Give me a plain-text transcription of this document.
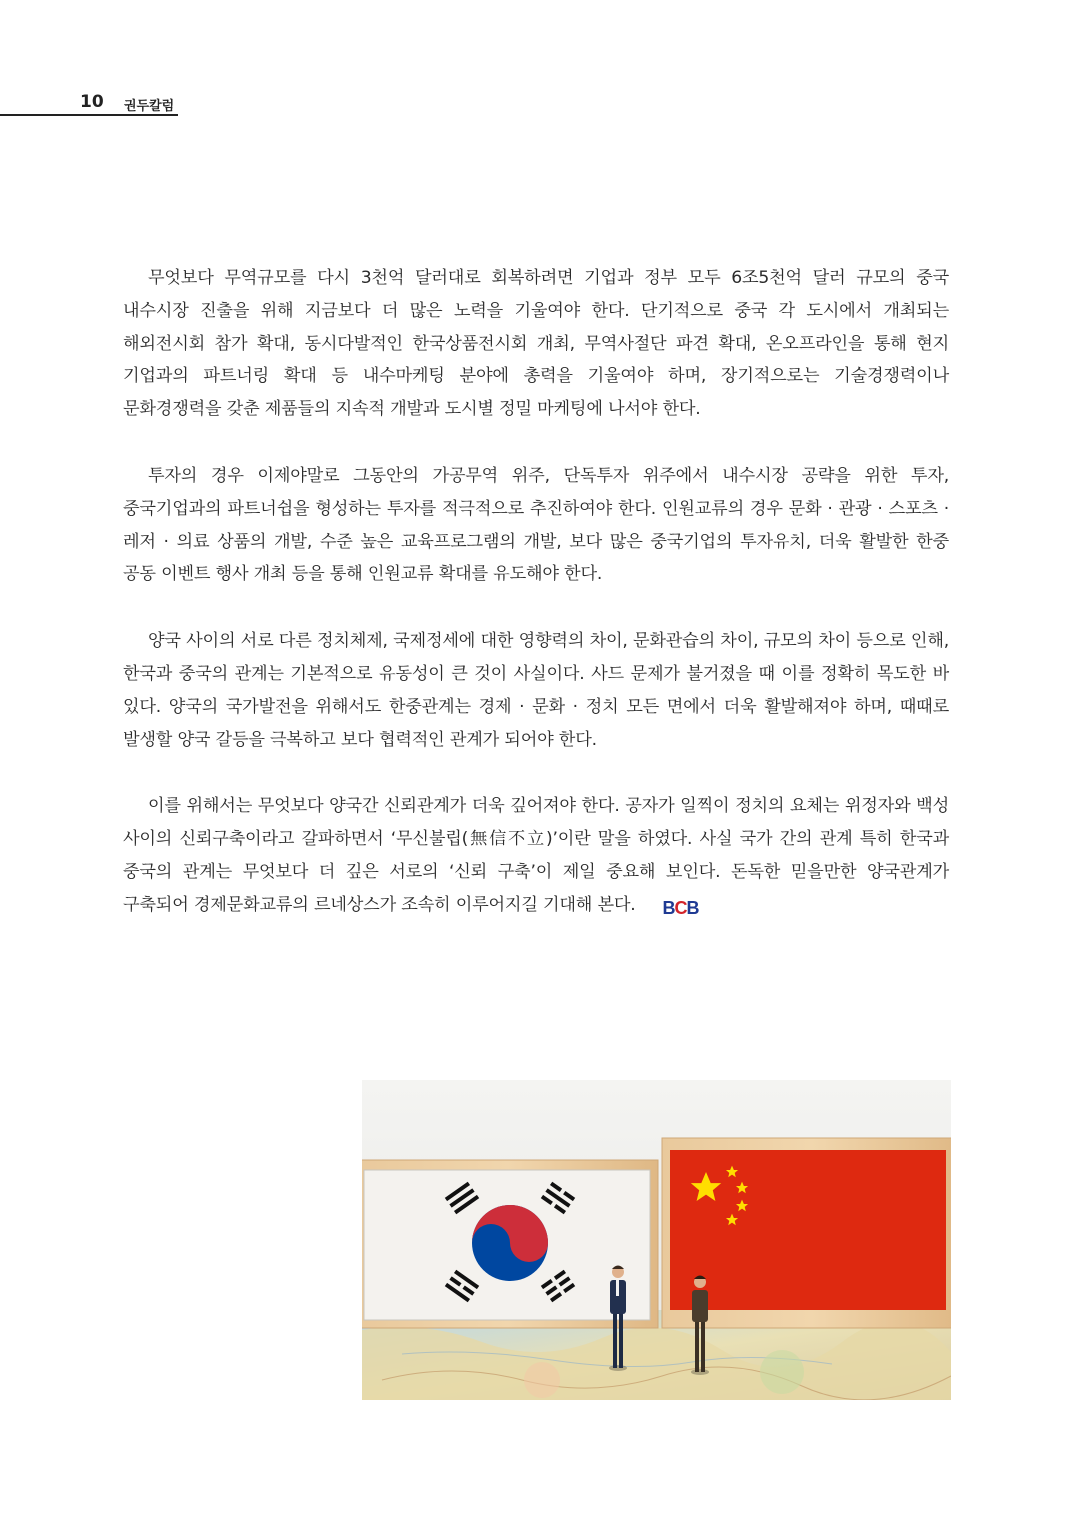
10 권두칼럼

무엇보다 무역규모를 다시 3천억 달러대로 회복하려면 기업과 정부 모두 6조5천억 달러 규모의 중국 내수시장 진출을 위해 지금보다 더 많은 노력을 기울여야 한다. 단기적으로 중국 각 도시에서 개최되는 해외전시회 참가 확대, 동시다발적인 한국상품전시회 개최, 무역사절단 파견 확대, 온오프라인을 통해 현지 기업과의 파트너링 확대 등 내수마케팅 분야에 총력을 기울여야 하며, 장기적으로는 기술경쟁력이나 문화경쟁력을 갖춘 제품들의 지속적 개발과 도시별 정밀 마케팅에 나서야 한다.

투자의 경우 이제야말로 그동안의 가공무역 위주, 단독투자 위주에서 내수시장 공략을 위한 투자, 중국기업과의 파트너쉽을 형성하는 투자를 적극적으로 추진하여야 한다. 인원교류의 경우 문화 · 관광 · 스포츠 · 레저 · 의료 상품의 개발, 수준 높은 교육프로그램의 개발, 보다 많은 중국기업의 투자유치, 더욱 활발한 한중 공동 이벤트 행사 개최 등을 통해 인원교류 확대를 유도해야 한다.

양국 사이의 서로 다른 정치체제, 국제정세에 대한 영향력의 차이, 문화관습의 차이, 규모의 차이 등으로 인해, 한국과 중국의 관계는 기본적으로 유동성이 큰 것이 사실이다. 사드 문제가 불거졌을 때 이를 정확히 목도한 바 있다. 양국의 국가발전을 위해서도 한중관계는 경제 · 문화 · 정치 모든 면에서 더욱 활발해져야 하며, 때때로 발생할 양국 갈등을 극복하고 보다 협력적인 관계가 되어야 한다.

이를 위해서는 무엇보다 양국간 신뢰관계가 더욱 깊어져야 한다. 공자가 일찍이 정치의 요체는 위정자와 백성 사이의 신뢰구축이라고 갈파하면서 ‘무신불립(無信不立)’이란 말을 하였다. 사실 국가 간의 관계 특히 한국과 중국의 관계는 무엇보다 더 깊은 서로의 ‘신뢰 구축’이 제일 중요해 보인다. 돈독한 믿을만한 양국관계가 구축되어 경제문화교류의 르네상스가 조속히 이루어지길 기대해 본다. BCB
